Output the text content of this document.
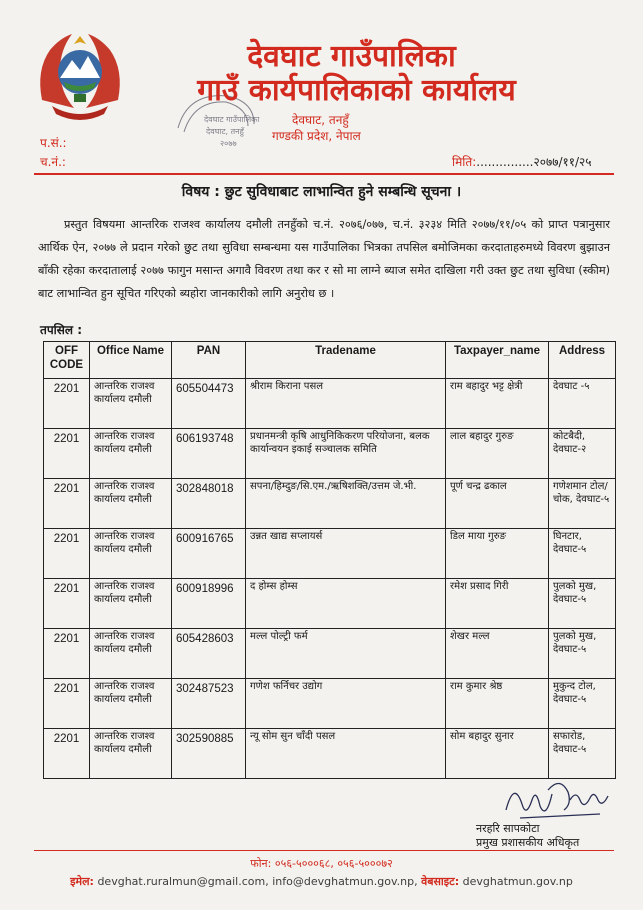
देवघाट गाउँपालिका
देवघाट, तनहुँ
२०७७
देवघाट गाउँपालिका
गाउँ कार्यपालिकाको कार्यालय
देवघाट, तनहुँ
गण्डकी प्रदेश, नेपाल
प.सं.:
च.नं.:	मिति:...............२०७७/११/२५
विषय : छुट सुविधाबाट लाभान्वित हुने सम्बन्धि सूचना ।

प्रस्तुत विषयमा आन्तरिक राजश्व कार्यालय दमौली तनहुँको च.नं. २०७६/०७७, च.नं. ३२३४ मिति २०७७/११/०५ को प्राप्त पत्रानुसार आर्थिक ऐन, २०७७ ले प्रदान गरेको छुट तथा सुविधा सम्बन्धमा यस गाउँपालिका भित्रका तपसिल बमोजिमका करदाताहरुमध्ये विवरण बुझाउन बाँकी रहेका करदातालाई २०७७ फागुन मसान्त अगावै विवरण तथा कर र सो मा लाग्ने ब्याज समेत दाखिला गरी उक्त छुट तथा सुविधा (स्कीम) बाट लाभान्वित हुन सूचित गरिएको ब्यहोरा जानकारीको लागि अनुरोध छ ।

तपसिल :
OFF CODE	Office Name	PAN	Tradename	Taxpayer_name	Address
2201	आन्तरिक राजश्व कार्यालय दमौली	605504473	श्रीराम किराना पसल	राम बहादुर भट्ट क्षेत्री	देवघाट -५
2201	आन्तरिक राजश्व कार्यालय दमौली	606193748	प्रधानमन्त्री कृषि आधुनिकिकरण परियोजना, बलक कार्यान्वयन इकाई सञ्चालक समिति	लाल बहादुर गुरुङ	कोटबैदी, देवघाट-२
2201	आन्तरिक राजश्व कार्यालय दमौली	302848018	सपना/हिम्दुङ/सि.एम./ऋषिशक्ति/उत्तम जे.भी.	पूर्ण चन्द्र ढकाल	गणेशमान टोल/चोक, देवघाट-५
2201	आन्तरिक राजश्व कार्यालय दमौली	600916765	उन्नत खाद्य सप्लायर्स	डिल माया गुरुङ	घिनटार, देवघाट-५
2201	आन्तरिक राजश्व कार्यालय दमौली	600918996	द होम्स होम्स	रमेश प्रसाद गिरी	पुलको मुख, देवघाट-५
2201	आन्तरिक राजश्व कार्यालय दमौली	605428603	मल्ल पोल्ट्री फर्म	शेखर मल्ल	पुलको मुख, देवघाट-५
2201	आन्तरिक राजश्व कार्यालय दमौली	302487523	गणेश फर्निचर उद्योग	राम कुमार श्रेष्ठ	मुकुन्द टोल, देवघाट-५
2201	आन्तरिक राजश्व कार्यालय दमौली	302590885	न्यू सोम सुन चाँदी पसल	सोम बहादुर सुनार	सफारोड, देवघाट-५
नरहरि सापकोटा
प्रमुख प्रशासकीय अधिकृत
फोन: ०५६-५०००६८, ०५६-५०००७२
इमेल: devghat.ruralmun@gmail.com, info@devghatmun.gov.np, वेबसाइट: devghatmun.gov.np
